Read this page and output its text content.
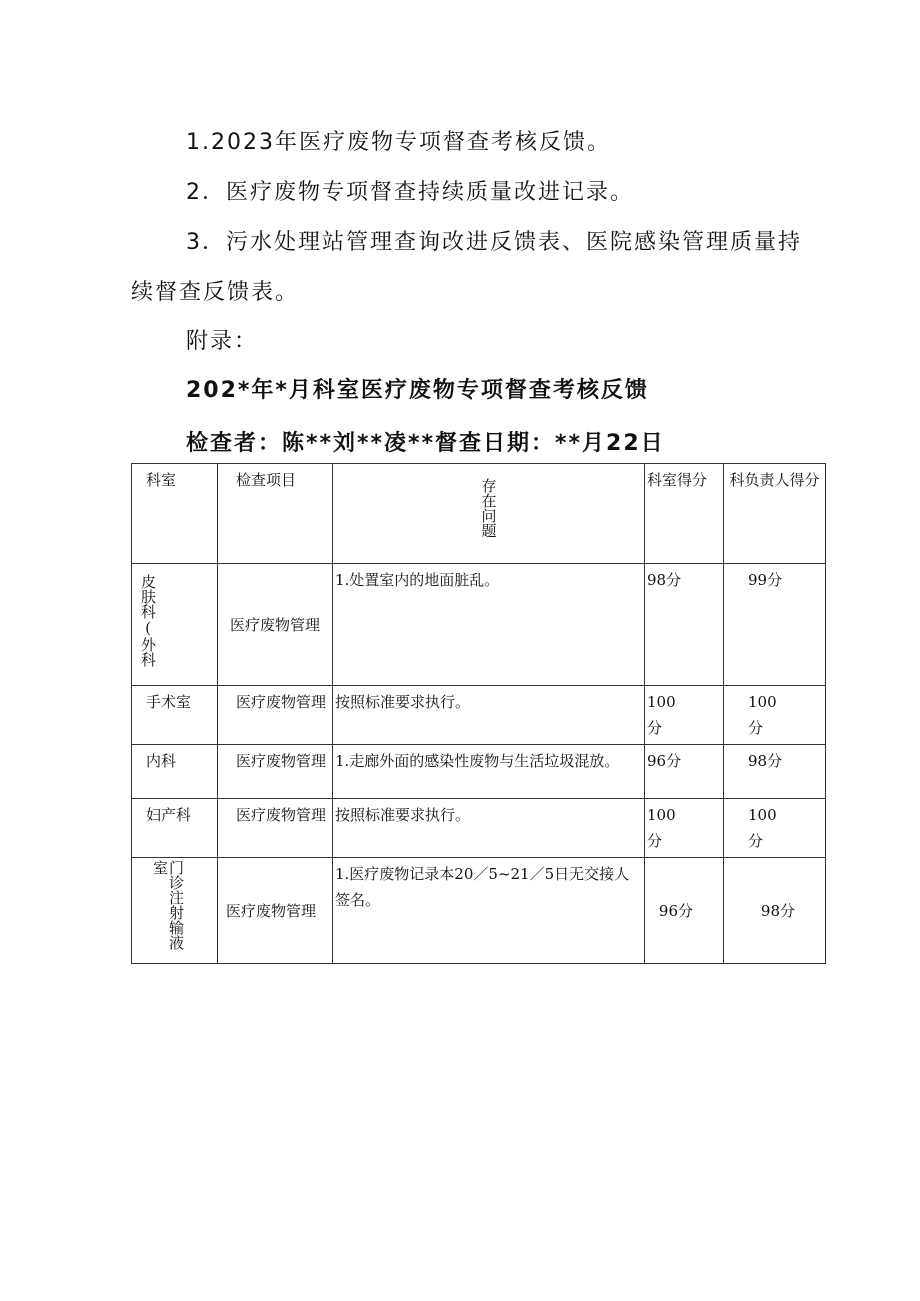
1.2023年医疗废物专项督查考核反馈。
2．医疗废物专项督查持续质量改进记录。
3．污水处理站管理查询改进反馈表、医院感染管理质量持
续督查反馈表。
附录：
202*年*月科室医疗废物专项督查考核反馈
检查者：陈**刘**凌**督查日期：**月22日
科室	检查项目	存在问题	科室得分	科负责人得分
皮肤科(外科	医疗废物管理	1.处置室内的地面脏乱。	98分	99分
手术室	医疗废物管理	按照标准要求执行。	100分	100分
内科	医疗废物管理	1.走廊外面的感染性废物与生活垃圾混放。	96分	98分
妇产科	医疗废物管理	按照标准要求执行。	100分	100分
门诊注射输液室	医疗废物管理	1.医疗废物记录本20／5~21／5日无交接人签名。	96分	98分
